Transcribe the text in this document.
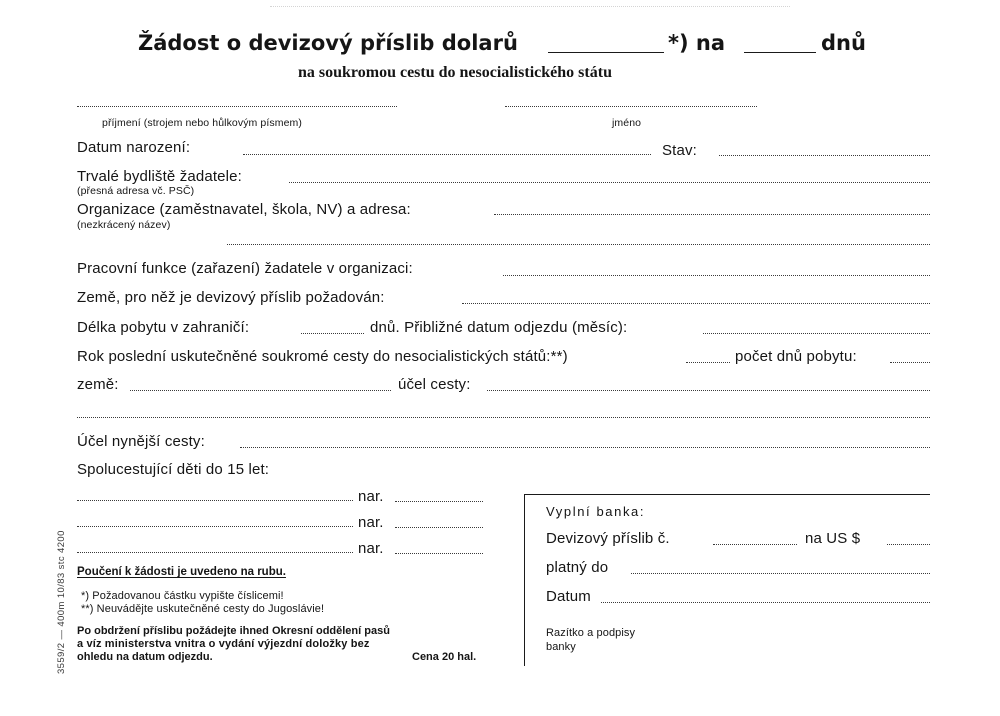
Žádost o devizový příslib dolarů	*) na	dnů
na soukromou cestu do nesocialistického státu
příjmení (strojem nebo hůlkovým písmem)	jméno
Datum narození:	Stav:
Trvalé bydliště žadatele:
(přesná adresa vč. PSČ)
Organizace (zaměstnavatel, škola, NV) a adresa:
(nezkrácený název)
Pracovní funkce (zařazení) žadatele v organizaci:
Země, pro něž je devizový příslib požadován:
Délka pobytu v zahraničí:	dnů. Přibližné datum odjezdu (měsíc):
Rok poslední uskutečněné soukromé cesty do nesocialistických států:**)	počet dnů pobytu:
země:	účel cesty:
Účel nynější cesty:
Spolucestující děti do 15 let:
nar.
nar.
nar.
Poučení k žádosti je uvedeno na rubu.
*) Požadovanou částku vypište číslicemi!
**) Neuvádějte uskutečněné cesty do Jugoslávie!
Po obdržení příslibu požádejte ihned Okresní oddělení pasů
a víz ministerstva vnitra o vydání výjezdní doložky bez
ohledu na datum odjezdu.	Cena 20 hal.
3559/2 — 400m 10/83 stc 4200
Vyplní banka:
Devizový příslib č.	na US $
platný do
Datum
Razítko a podpisy
banky
